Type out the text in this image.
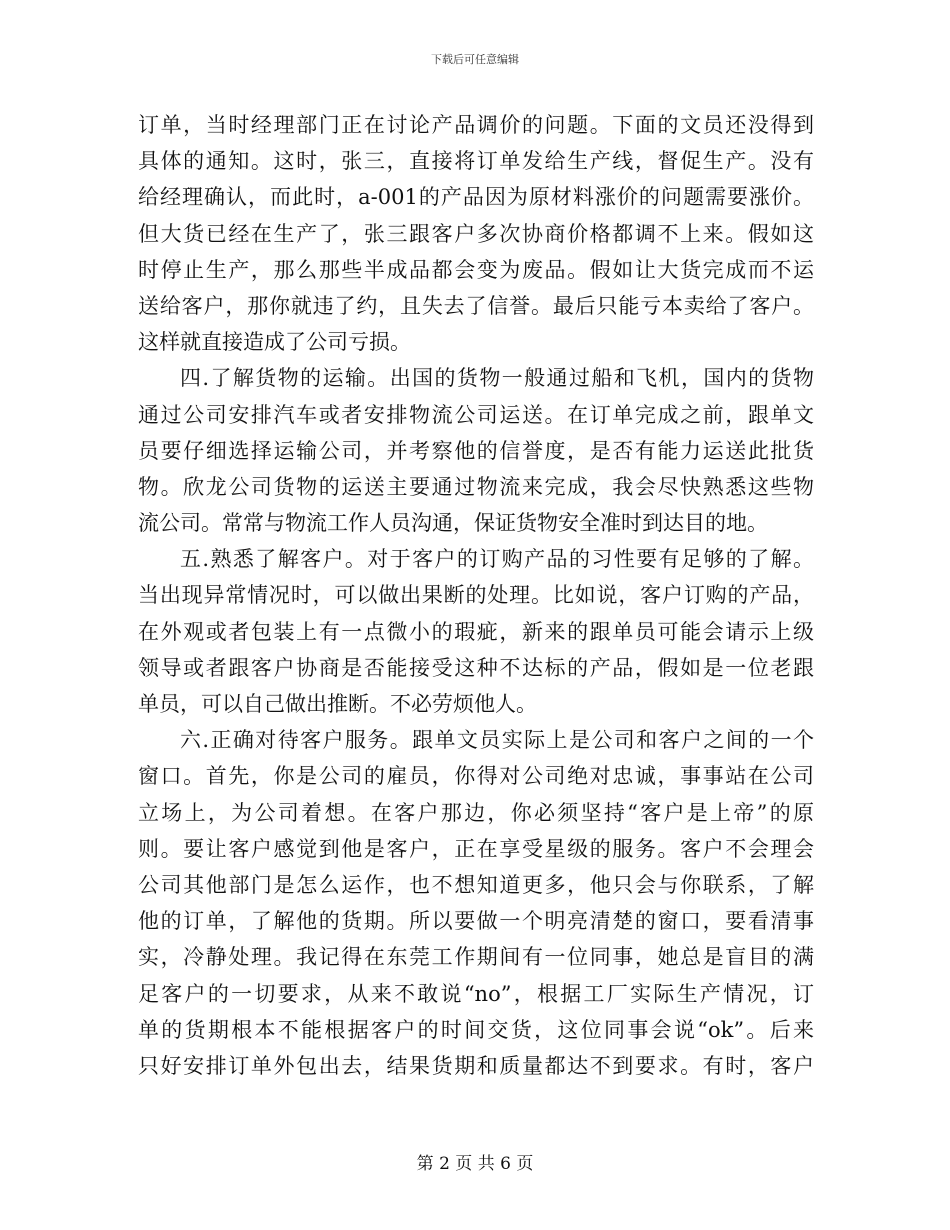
下载后可任意编辑
订单，当时经理部门正在讨论产品调价的问题。下面的文员还没得到
具体的通知。这时，张三，直接将订单发给生产线，督促生产。没有
给经理确认，而此时，a-001的产品因为原材料涨价的问题需要涨价。
但大货已经在生产了，张三跟客户多次协商价格都调不上来。假如这
时停止生产，那么那些半成品都会变为废品。假如让大货完成而不运
送给客户，那你就违了约，且失去了信誉。最后只能亏本卖给了客户。
这样就直接造成了公司亏损。
四.了解货物的运输。出国的货物一般通过船和飞机，国内的货物
通过公司安排汽车或者安排物流公司运送。在订单完成之前，跟单文
员要仔细选择运输公司，并考察他的信誉度，是否有能力运送此批货
物。欣龙公司货物的运送主要通过物流来完成，我会尽快熟悉这些物
流公司。常常与物流工作人员沟通，保证货物安全准时到达目的地。
五.熟悉了解客户。对于客户的订购产品的习性要有足够的了解。
当出现异常情况时，可以做出果断的处理。比如说，客户订购的产品，
在外观或者包装上有一点微小的瑕疵，新来的跟单员可能会请示上级
领导或者跟客户协商是否能接受这种不达标的产品，假如是一位老跟
单员，可以自己做出推断。不必劳烦他人。
六.正确对待客户服务。跟单文员实际上是公司和客户之间的一个
窗口。首先，你是公司的雇员，你得对公司绝对忠诚，事事站在公司
立场上，为公司着想。在客户那边，你必须坚持“客户是上帝”的原
则。要让客户感觉到他是客户，正在享受星级的服务。客户不会理会
公司其他部门是怎么运作，也不想知道更多，他只会与你联系，了解
他的订单，了解他的货期。所以要做一个明亮清楚的窗口，要看清事
实，冷静处理。我记得在东莞工作期间有一位同事，她总是盲目的满
足客户的一切要求，从来不敢说“no”，根据工厂实际生产情况，订
单的货期根本不能根据客户的时间交货，这位同事会说“ok”。后来
只好安排订单外包出去，结果货期和质量都达不到要求。有时，客户
第 2 页 共 6 页
